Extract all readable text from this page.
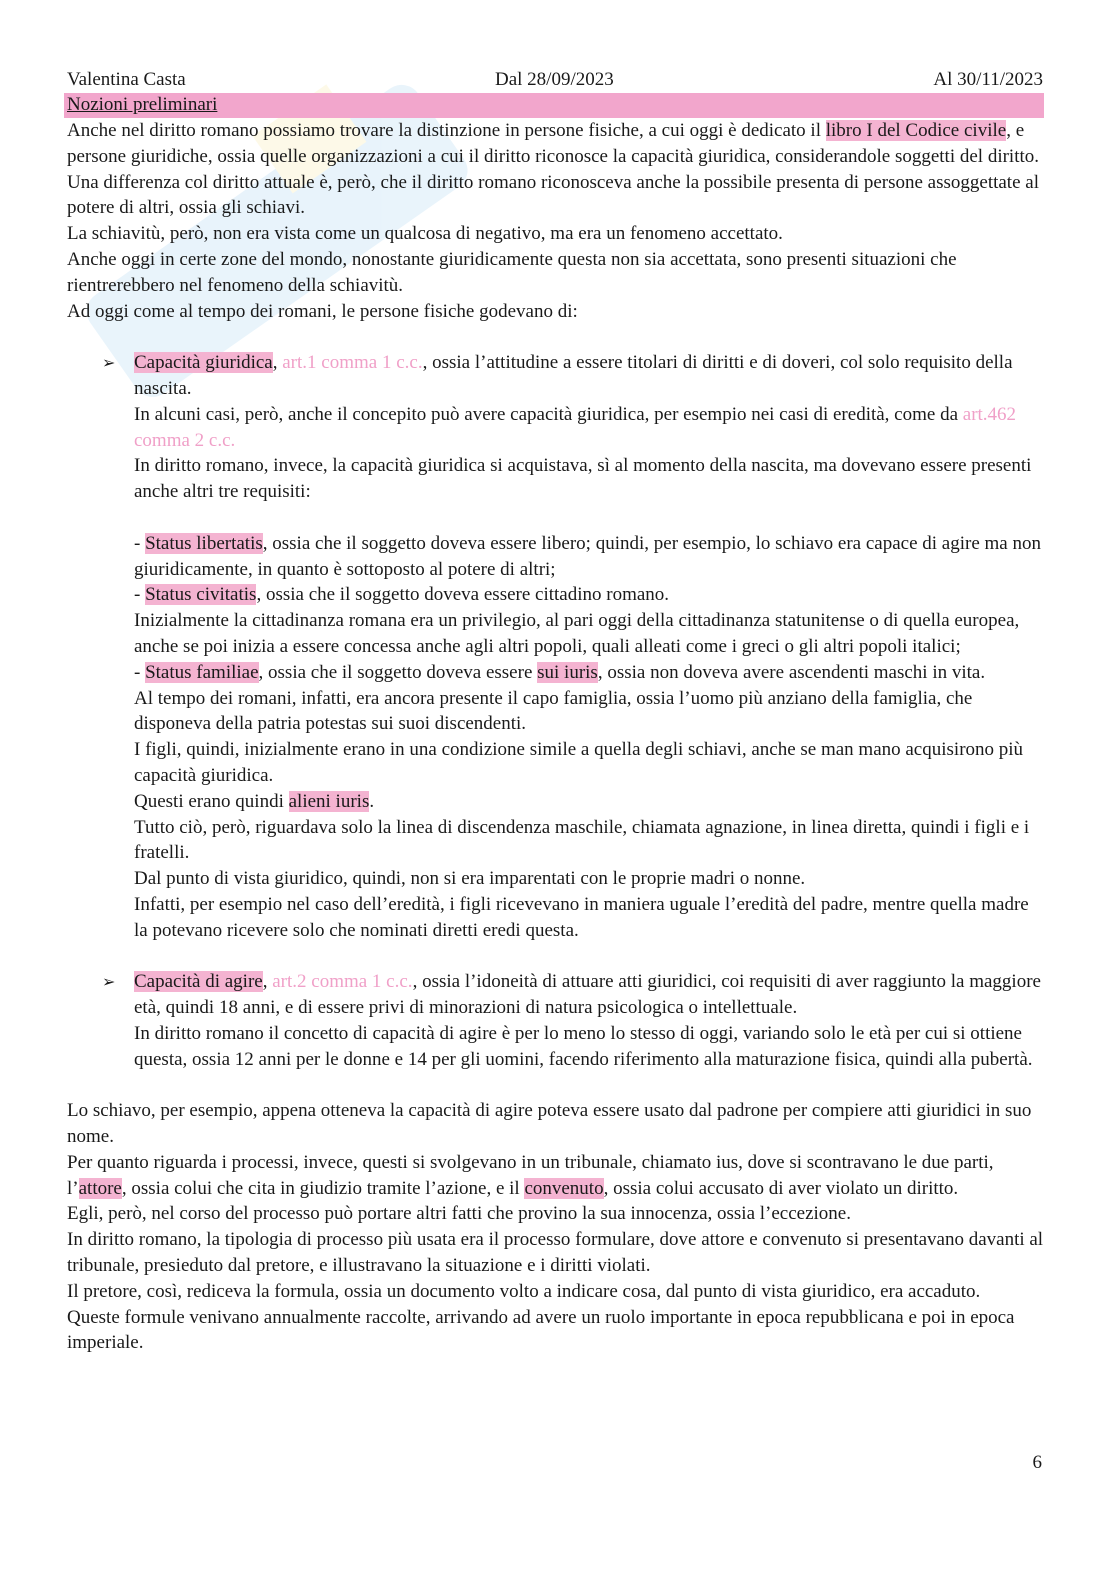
Valentina Casta	Dal 28/09/2023	Al 30/11/2023
Nozioni preliminari

Anche nel diritto romano possiamo trovare la distinzione in persone fisiche, a cui oggi è dedicato il libro I del Codice civile, e persone giuridiche, ossia quelle organizzazioni a cui il diritto riconosce la capacità giuridica, considerandole soggetti del diritto.

Una differenza col diritto attuale è, però, che il diritto romano riconosceva anche la possibile presenta di persone assoggettate al potere di altri, ossia gli schiavi.

La schiavitù, però, non era vista come un qualcosa di negativo, ma era un fenomeno accettato.

Anche oggi in certe zone del mondo, nonostante giuridicamente questa non sia accettata, sono presenti situazioni che rientrerebbero nel fenomeno della schiavitù.

Ad oggi come al tempo dei romani, le persone fisiche godevano di:

➢ Capacità giuridica, art.1 comma 1 c.c., ossia l’attitudine a essere titolari di diritti e di doveri, col solo requisito della nascita.

In alcuni casi, però, anche il concepito può avere capacità giuridica, per esempio nei casi di eredità, come da art.462 comma 2 c.c.

In diritto romano, invece, la capacità giuridica si acquistava, sì al momento della nascita, ma dovevano essere presenti anche altri tre requisiti:

- Status libertatis, ossia che il soggetto doveva essere libero; quindi, per esempio, lo schiavo era capace di agire ma non giuridicamente, in quanto è sottoposto al potere di altri;

- Status civitatis, ossia che il soggetto doveva essere cittadino romano.

Inizialmente la cittadinanza romana era un privilegio, al pari oggi della cittadinanza statunitense o di quella europea, anche se poi inizia a essere concessa anche agli altri popoli, quali alleati come i greci o gli altri popoli italici;

- Status familiae, ossia che il soggetto doveva essere sui iuris, ossia non doveva avere ascendenti maschi in vita.

Al tempo dei romani, infatti, era ancora presente il capo famiglia, ossia l’uomo più anziano della famiglia, che disponeva della patria potestas sui suoi discendenti.

I figli, quindi, inizialmente erano in una condizione simile a quella degli schiavi, anche se man mano acquisirono più capacità giuridica.

Questi erano quindi alieni iuris.

Tutto ciò, però, riguardava solo la linea di discendenza maschile, chiamata agnazione, in linea diretta, quindi i figli e i fratelli.

Dal punto di vista giuridico, quindi, non si era imparentati con le proprie madri o nonne.

Infatti, per esempio nel caso dell’eredità, i figli ricevevano in maniera uguale l’eredità del padre, mentre quella madre la potevano ricevere solo che nominati diretti eredi questa.

➢ Capacità di agire, art.2 comma 1 c.c., ossia l’idoneità di attuare atti giuridici, coi requisiti di aver raggiunto la maggiore età, quindi 18 anni, e di essere privi di minorazioni di natura psicologica o intellettuale.

In diritto romano il concetto di capacità di agire è per lo meno lo stesso di oggi, variando solo le età per cui si ottiene questa, ossia 12 anni per le donne e 14 per gli uomini, facendo riferimento alla maturazione fisica, quindi alla pubertà.

Lo schiavo, per esempio, appena otteneva la capacità di agire poteva essere usato dal padrone per compiere atti giuridici in suo nome.

Per quanto riguarda i processi, invece, questi si svolgevano in un tribunale, chiamato ius, dove si scontravano le due parti, l’attore, ossia colui che cita in giudizio tramite l’azione, e il convenuto, ossia colui accusato di aver violato un diritto.

Egli, però, nel corso del processo può portare altri fatti che provino la sua innocenza, ossia l’eccezione.

In diritto romano, la tipologia di processo più usata era il processo formulare, dove attore e convenuto si presentavano davanti al tribunale, presieduto dal pretore, e illustravano la situazione e i diritti violati.

Il pretore, così, rediceva la formula, ossia un documento volto a indicare cosa, dal punto di vista giuridico, era accaduto.

Queste formule venivano annualmente raccolte, arrivando ad avere un ruolo importante in epoca repubblicana e poi in epoca imperiale.

6
